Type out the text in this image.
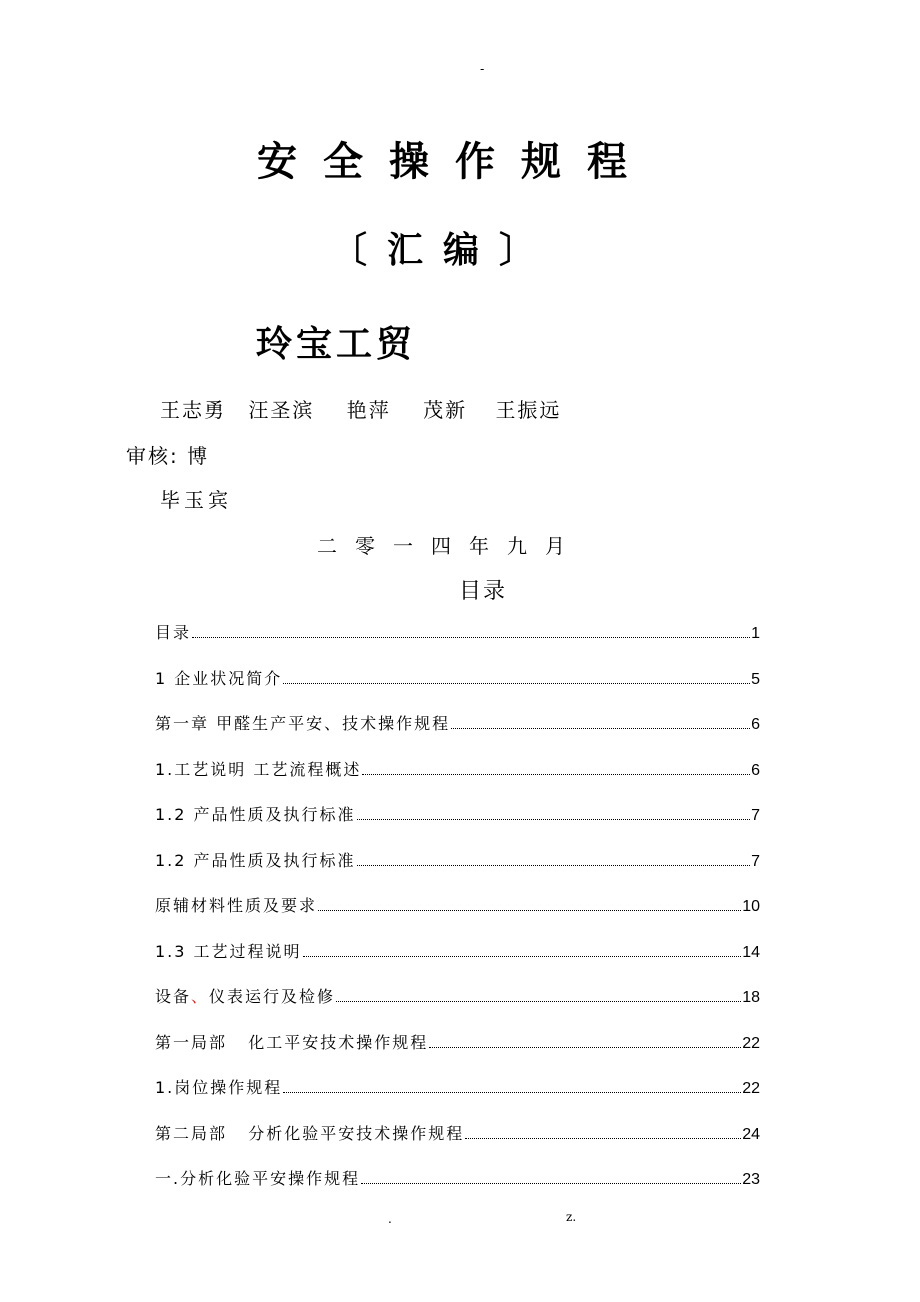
-
安全操作规程
〔汇编〕
玲宝工贸
王志勇 汪圣滨 艳萍 茂新 王振远
审核: 博
毕玉宾
二零一四年九月
目录
目录	1
1 企业状况简介	5
第一章 甲醛生产平安、技术操作规程	6
1.工艺说明 工艺流程概述	6
1.2 产品性质及执行标准	7
1.2 产品性质及执行标准	7
原辅材料性质及要求	10
1.3 工艺过程说明	14
设备、仪表运行及检修	18
第一局部   化工平安技术操作规程	22
1.岗位操作规程	22
第二局部   分析化验平安技术操作规程	24
一.分析化验平安操作规程	23
.	z.
